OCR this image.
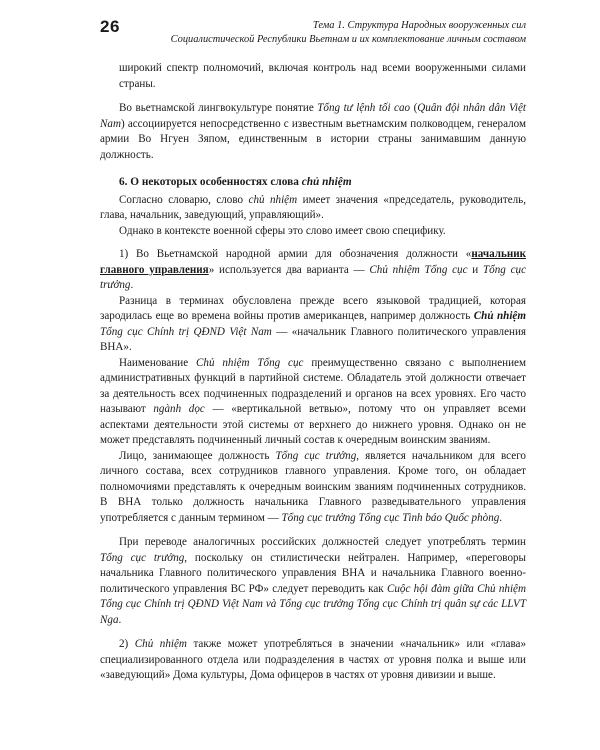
26	Тема 1. Структура Народных вооруженных сил
Социалистической Республики Вьетнам и их комплектование личным составом

широкий спектр полномочий, включая контроль над всеми вооруженными силами страны.

Во вьетнамской лингвокультуре понятие Tổng tư lệnh tối cao (Quân đội nhân dân Việt Nam) ассоциируется непосредственно с известным вьетнамским полководцем, генералом армии Во Нгуен Зяпом, единственным в истории страны занимавшим данную должность.

6. О некоторых особенностях слова chủ nhiệm

Согласно словарю, слово chủ nhiệm имеет значения «председатель, руководитель, глава, начальник, заведующий, управляющий».

Однако в контексте военной сферы это слово имеет свою специфику.

1) Во Вьетнамской народной армии для обозначения должности «начальник главного управления» используется два варианта — Chủ nhiệm Tổng cục и Tổng cục trưởng.

Разница в терминах обусловлена прежде всего языковой традицией, которая зародилась еще во времена войны против американцев, например должность Chủ nhiệm Tổng cục Chính trị QĐND Việt Nam — «начальник Главного политического управления ВНА».

Наименование Chủ nhiệm Tổng cục преимущественно связано с выполнением административных функций в партийной системе. Обладатель этой должности отвечает за деятельность всех подчиненных подразделений и органов на всех уровнях. Его часто называют ngành dọc — «вертикальной ветвью», потому что он управляет всеми аспектами деятельности этой системы от верхнего до нижнего уровня. Однако он не может представлять подчиненный личный состав к очередным воинским званиям.

Лицо, занимающее должность Tổng cục trưởng, является начальником для всего личного состава, всех сотрудников главного управления. Кроме того, он обладает полномочиями представлять к очередным воинским званиям подчиненных сотрудников. В ВНА только должность начальника Главного разведывательного управления употребляется с данным термином — Tổng cục trưởng Tổng cục Tình báo Quốc phòng.

При переводе аналогичных российских должностей следует употреблять термин Tổng cục trưởng, поскольку он стилистически нейтрален. Например, «переговоры начальника Главного политического управления ВНА и начальника Главного военно-политического управления ВС РФ» следует переводить как Cuộc hội đàm giữa Chủ nhiệm Tổng cục Chính trị QĐND Việt Nam và Tổng cục trưởng Tổng cục Chính trị quân sự các LLVT Nga.

2) Chủ nhiệm также может употребляться в значении «начальник» или «глава» специализированного отдела или подразделения в частях от уровня полка и выше или «заведующий» Дома культуры, Дома офицеров в частях от уровня дивизии и выше.
